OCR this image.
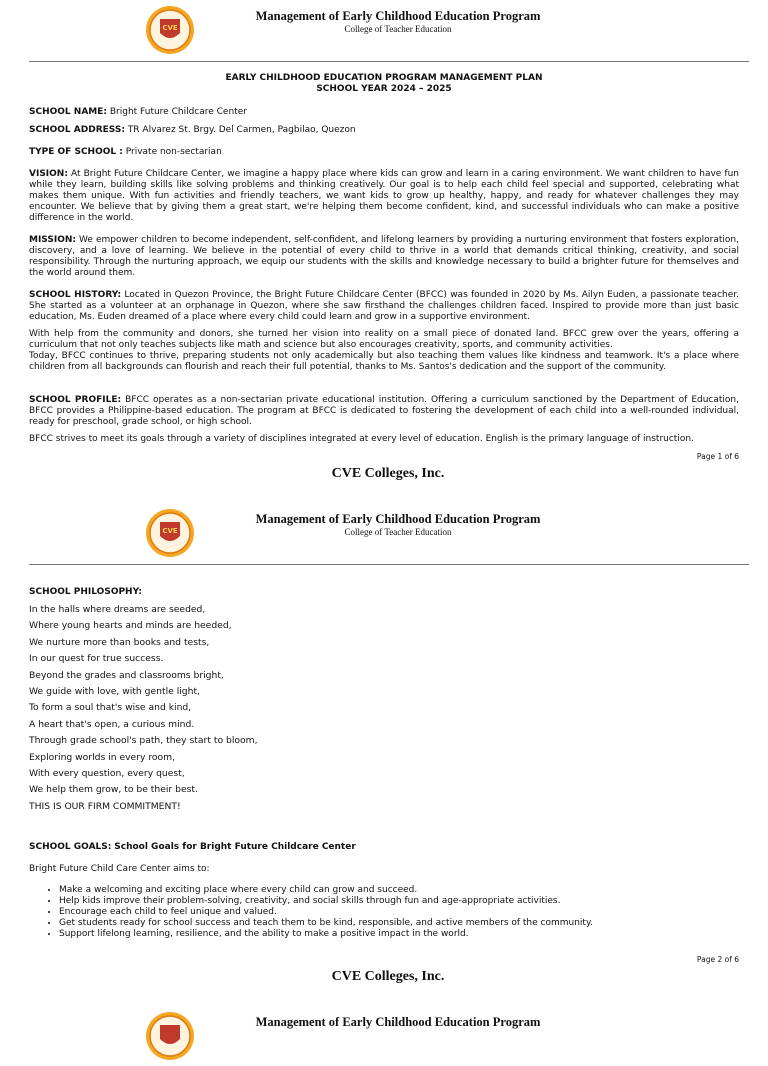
CVE
Management of Early Childhood Education Program
College of Teacher Education
EARLY CHILDHOOD EDUCATION PROGRAM MANAGEMENT PLAN
SCHOOL YEAR 2024 – 2025
SCHOOL NAME: Bright Future Childcare Center
SCHOOL ADDRESS: TR Alvarez St. Brgy. Del Carmen, Pagbilao, Quezon
TYPE OF SCHOOL : Private non-sectarian
VISION: At Bright Future Childcare Center, we imagine a happy place where kids can grow and learn in a caring environment. We want children to have fun while they learn, building skills like solving problems and thinking creatively. Our goal is to help each child feel special and supported, celebrating what makes them unique. With fun activities and friendly teachers, we want kids to grow up healthy, happy, and ready for whatever challenges they may encounter. We believe that by giving them a great start, we're helping them become confident, kind, and successful individuals who can make a positive difference in the world.
MISSION: We empower children to become independent, self-confident, and lifelong learners by providing a nurturing environment that fosters exploration, discovery, and a love of learning. We believe in the potential of every child to thrive in a world that demands critical thinking, creativity, and social responsibility. Through the nurturing approach, we equip our students with the skills and knowledge necessary to build a brighter future for themselves and the world around them.
SCHOOL HISTORY: Located in Quezon Province, the Bright Future Childcare Center (BFCC) was founded in 2020 by Ms. Ailyn Euden, a passionate teacher. She started as a volunteer at an orphanage in Quezon, where she saw firsthand the challenges children faced. Inspired to provide more than just basic education, Ms. Euden dreamed of a place where every child could learn and grow in a supportive environment.
With help from the community and donors, she turned her vision into reality on a small piece of donated land. BFCC grew over the years, offering a curriculum that not only teaches subjects like math and science but also encourages creativity, sports, and community activities.
Today, BFCC continues to thrive, preparing students not only academically but also teaching them values like kindness and teamwork. It's a place where children from all backgrounds can flourish and reach their full potential, thanks to Ms. Santos's dedication and the support of the community.
SCHOOL PROFILE: BFCC operates as a non-sectarian private educational institution. Offering a curriculum sanctioned by the Department of Education, BFCC provides a Philippine-based education. The program at BFCC is dedicated to fostering the development of each child into a well-rounded individual, ready for preschool, grade school, or high school.
BFCC strives to meet its goals through a variety of disciplines integrated at every level of education. English is the primary language of instruction.
Page 1 of 6
CVE Colleges, Inc.
CVE
Management of Early Childhood Education Program
College of Teacher Education
SCHOOL PHILOSOPHY:
In the halls where dreams are seeded,
Where young hearts and minds are heeded,
We nurture more than books and tests,
In our quest for true success.
Beyond the grades and classrooms bright,
We guide with love, with gentle light,
To form a soul that's wise and kind,
A heart that's open, a curious mind.
Through grade school's path, they start to bloom,
Exploring worlds in every room,
With every question, every quest,
We help them grow, to be their best.
THIS IS OUR FIRM COMMITMENT!
SCHOOL GOALS: School Goals for Bright Future Childcare Center
Bright Future Child Care Center aims to:
• Make a welcoming and exciting place where every child can grow and succeed.
• Help kids improve their problem-solving, creativity, and social skills through fun and age-appropriate activities.
• Encourage each child to feel unique and valued.
• Get students ready for school success and teach them to be kind, responsible, and active members of the community.
• Support lifelong learning, resilience, and the ability to make a positive impact in the world.
Page 2 of 6
CVE Colleges, Inc.
Management of Early Childhood Education Program
